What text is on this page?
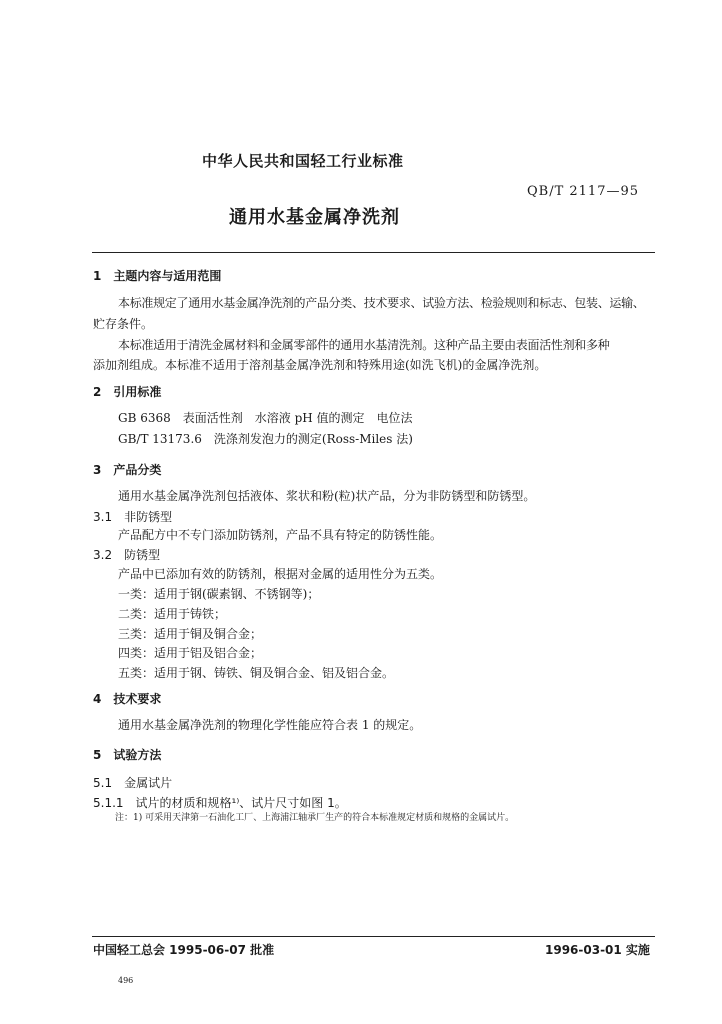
中华人民共和国轻工行业标准
QB/T 2117—95
通用水基金属净洗剂
1　主题内容与适用范围
本标准规定了通用水基金属净洗剂的产品分类、技术要求、试验方法、检验规则和标志、包装、运输、
贮存条件。
本标准适用于清洗金属材料和金属零部件的通用水基清洗剂。这种产品主要由表面活性剂和多种
添加剂组成。本标准不适用于溶剂基金属净洗剂和特殊用途(如洗飞机)的金属净洗剂。
2　引用标准
GB 6368　表面活性剂　水溶液 pH 值的测定　电位法
GB/T 13173.6　洗涤剂发泡力的测定(Ross-Miles 法)
3　产品分类
通用水基金属净洗剂包括液体、浆状和粉(粒)状产品，分为非防锈型和防锈型。
3.1　非防锈型
产品配方中不专门添加防锈剂，产品不具有特定的防锈性能。
3.2　防锈型
产品中已添加有效的防锈剂，根据对金属的适用性分为五类。
一类：适用于钢(碳素钢、不锈钢等)；
二类：适用于铸铁；
三类：适用于铜及铜合金；
四类：适用于铝及铝合金；
五类：适用于钢、铸铁、铜及铜合金、铝及铝合金。
4　技术要求
通用水基金属净洗剂的物理化学性能应符合表 1 的规定。
5　试验方法
5.1　金属试片
5.1.1　试片的材质和规格¹⁾、试片尺寸如图 1。
注：1) 可采用天津第一石油化工厂、上海浦江轴承厂生产的符合本标准规定材质和规格的金属试片。
中国轻工总会 1995-06-07 批准	1996-03-01 实施
496
